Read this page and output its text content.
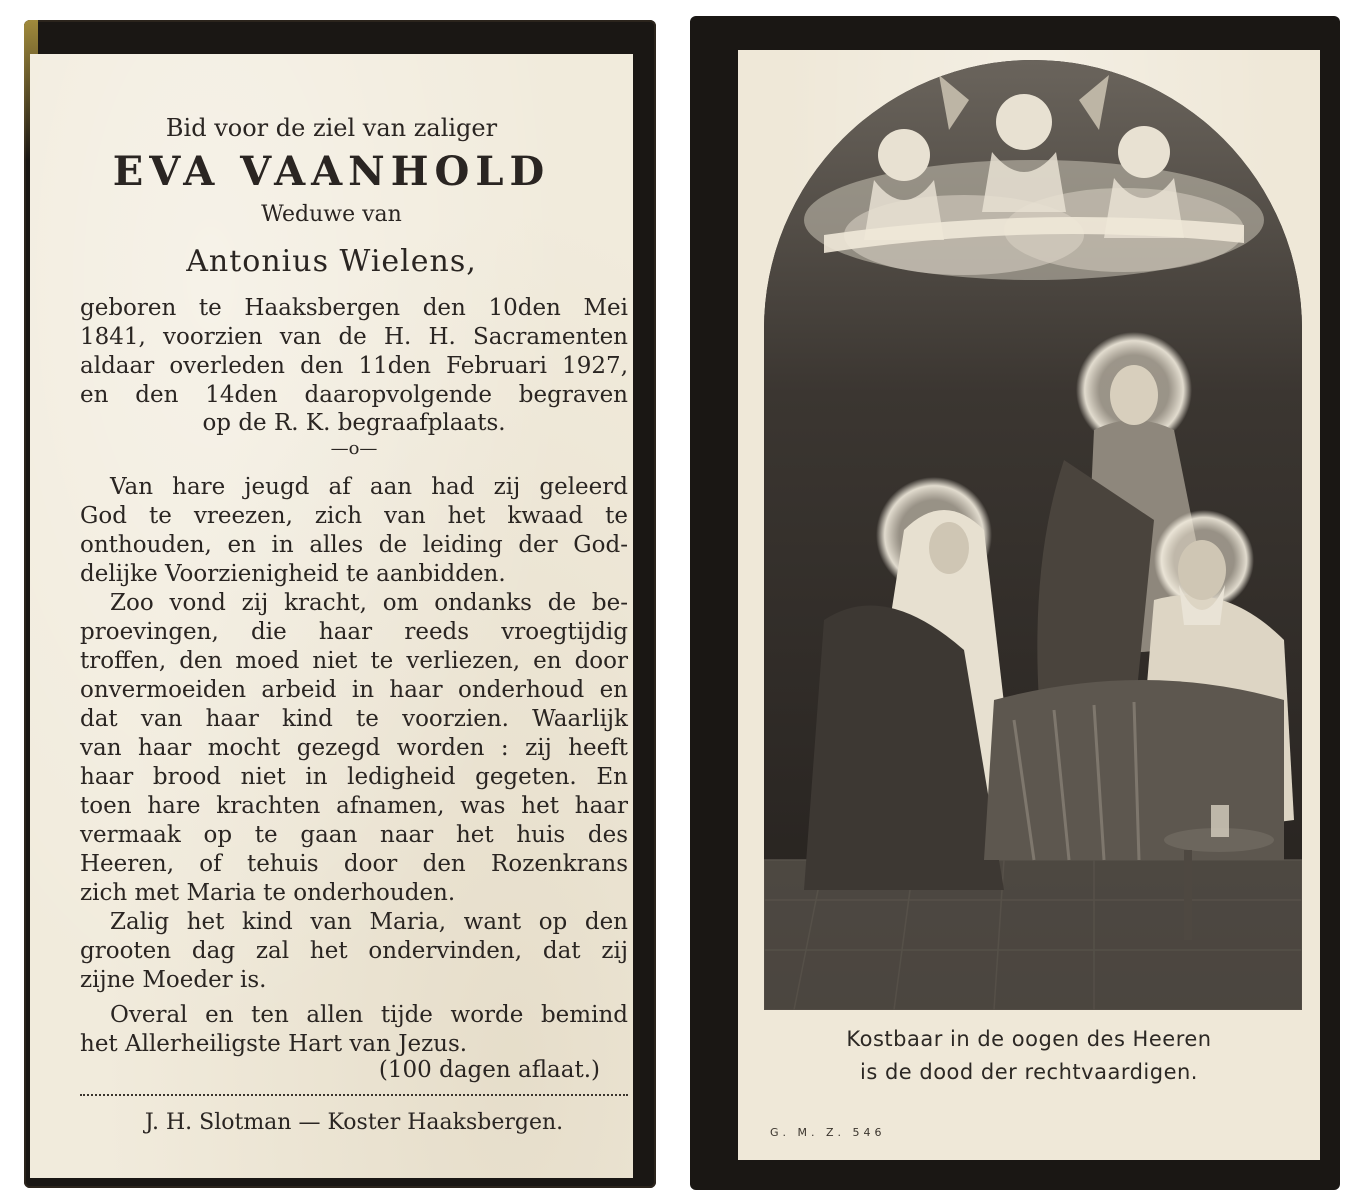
Bid voor de ziel van zaliger
EVA VAANHOLD
Weduwe van
Antonius Wielens,
geboren te Haaksbergen den 10den Mei
1841, voorzien van de H. H. Sacramenten
aldaar overleden den 11den Februari 1927,
en den 14den daaropvolgende begraven
op de R. K. begraafplaats.
—o—
Van hare jeugd af aan had zij geleerd
God te vreezen, zich van het kwaad te
onthouden, en in alles de leiding der God-
delijke Voorzienigheid te aanbidden.
Zoo vond zij kracht, om ondanks de be-
proevingen, die haar reeds vroegtijdig
troffen, den moed niet te verliezen, en door
onvermoeiden arbeid in haar onderhoud en
dat van haar kind te voorzien. Waarlijk
van haar mocht gezegd worden : zij heeft
haar brood niet in ledigheid gegeten. En
toen hare krachten afnamen, was het haar
vermaak op te gaan naar het huis des
Heeren, of tehuis door den Rozenkrans
zich met Maria te onderhouden.
Zalig het kind van Maria, want op den
grooten dag zal het ondervinden, dat zij
zijne Moeder is.
Overal en ten allen tijde worde bemind
het Allerheiligste Hart van Jezus.
(100 dagen aflaat.)
J. H. Slotman — Koster Haaksbergen.
Kostbaar in de oogen des Heeren
is de dood der rechtvaardigen.
G. M. Z. 546
